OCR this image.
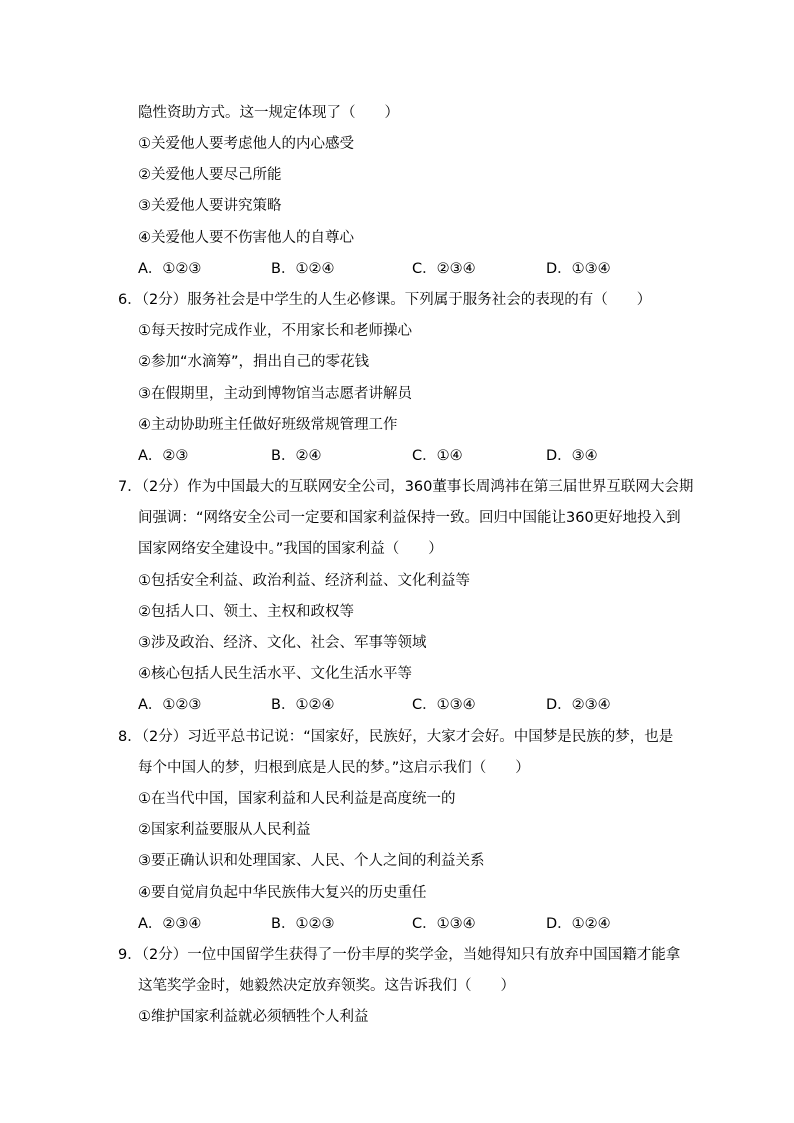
隐性资助方式。这一规定体现了（　　）
①关爱他人要考虑他人的内心感受
②关爱他人要尽己所能
③关爱他人要讲究策略
④关爱他人要不伤害他人的自尊心
A．①②③	B．①②④	C．②③④	D．①③④
6．（2分）服务社会是中学生的人生必修课。下列属于服务社会的表现的有（　　）
①每天按时完成作业，不用家长和老师操心
②参加“水滴筹”，捐出自己的零花钱
③在假期里，主动到博物馆当志愿者讲解员
④主动协助班主任做好班级常规管理工作
A．②③	B．②④	C．①④	D．③④
7．（2分）作为中国最大的互联网安全公司，360董事长周鸿祎在第三届世界互联网大会期
间强调：“网络安全公司一定要和国家利益保持一致。回归中国能让360更好地投入到
国家网络安全建设中。”我国的国家利益（　　）
①包括安全利益、政治利益、经济利益、文化利益等
②包括人口、领土、主权和政权等
③涉及政治、经济、文化、社会、军事等领域
④核心包括人民生活水平、文化生活水平等
A．①②③	B．①②④	C．①③④	D．②③④
8．（2分）习近平总书记说：“国家好，民族好，大家才会好。中国梦是民族的梦，也是
每个中国人的梦，归根到底是人民的梦。”这启示我们（　　）
①在当代中国，国家利益和人民利益是高度统一的
②国家利益要服从人民利益
③要正确认识和处理国家、人民、个人之间的利益关系
④要自觉肩负起中华民族伟大复兴的历史重任
A．②③④	B．①②③	C．①③④	D．①②④
9．（2分）一位中国留学生获得了一份丰厚的奖学金，当她得知只有放弃中国国籍才能拿
这笔奖学金时，她毅然决定放弃领奖。这告诉我们（　　）
①维护国家利益就必须牺牲个人利益
